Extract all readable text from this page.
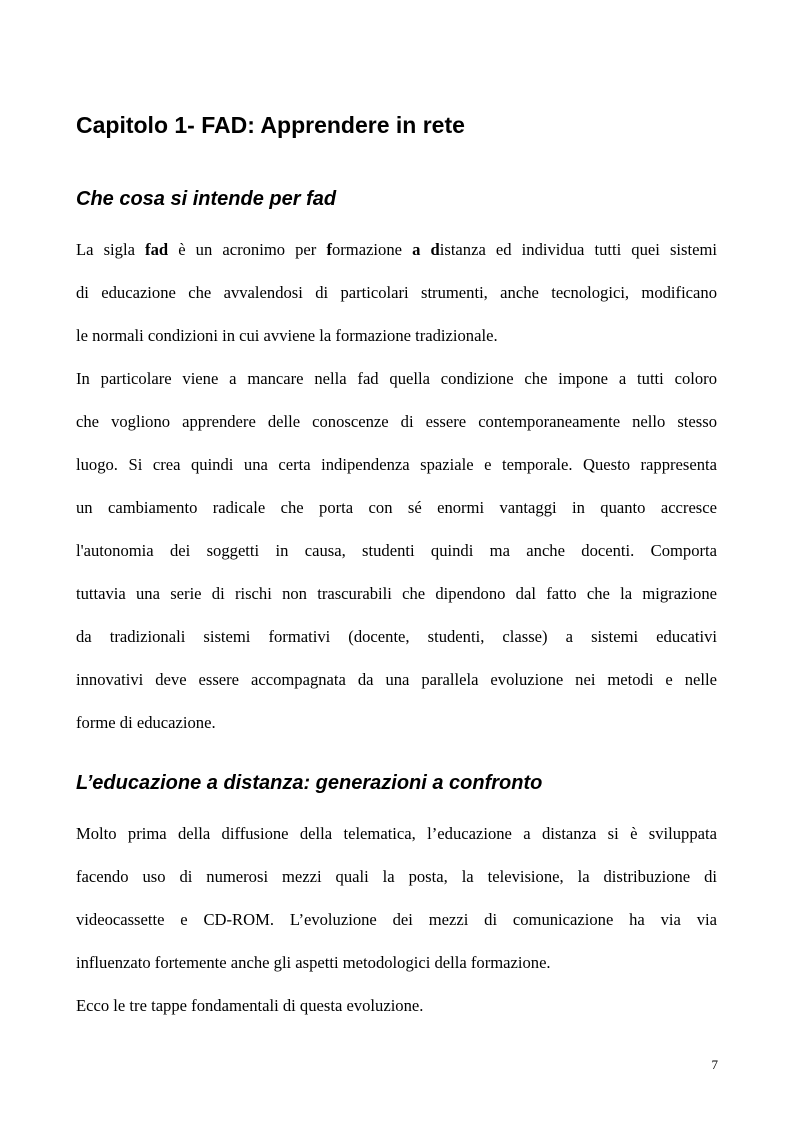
Capitolo 1- FAD: Apprendere in rete
Che cosa si intende per fad
La sigla fad è un acronimo per formazione a distanza ed individua tutti quei sistemi
di educazione che avvalendosi di particolari strumenti, anche tecnologici, modificano
le normali condizioni in cui avviene la formazione tradizionale.
In particolare viene a mancare nella fad quella condizione che impone a tutti coloro
che vogliono apprendere delle conoscenze di essere contemporaneamente nello stesso
luogo. Si crea quindi una certa indipendenza spaziale e temporale. Questo rappresenta
un cambiamento radicale che porta con sé enormi vantaggi in quanto accresce
l'autonomia dei soggetti in causa, studenti quindi ma anche docenti. Comporta
tuttavia una serie di rischi non trascurabili che dipendono dal fatto che la migrazione
da tradizionali sistemi formativi (docente, studenti, classe) a sistemi educativi
innovativi deve essere accompagnata da una parallela evoluzione nei metodi e nelle
forme di educazione.
L’educazione a distanza: generazioni a confronto
Molto prima della diffusione della telematica, l’educazione a distanza si è sviluppata
facendo uso di numerosi mezzi quali la posta, la televisione, la distribuzione di
videocassette e CD-ROM. L’evoluzione dei mezzi di comunicazione ha via via
influenzato fortemente anche gli aspetti metodologici della formazione.
Ecco le tre tappe fondamentali di questa evoluzione.
7
